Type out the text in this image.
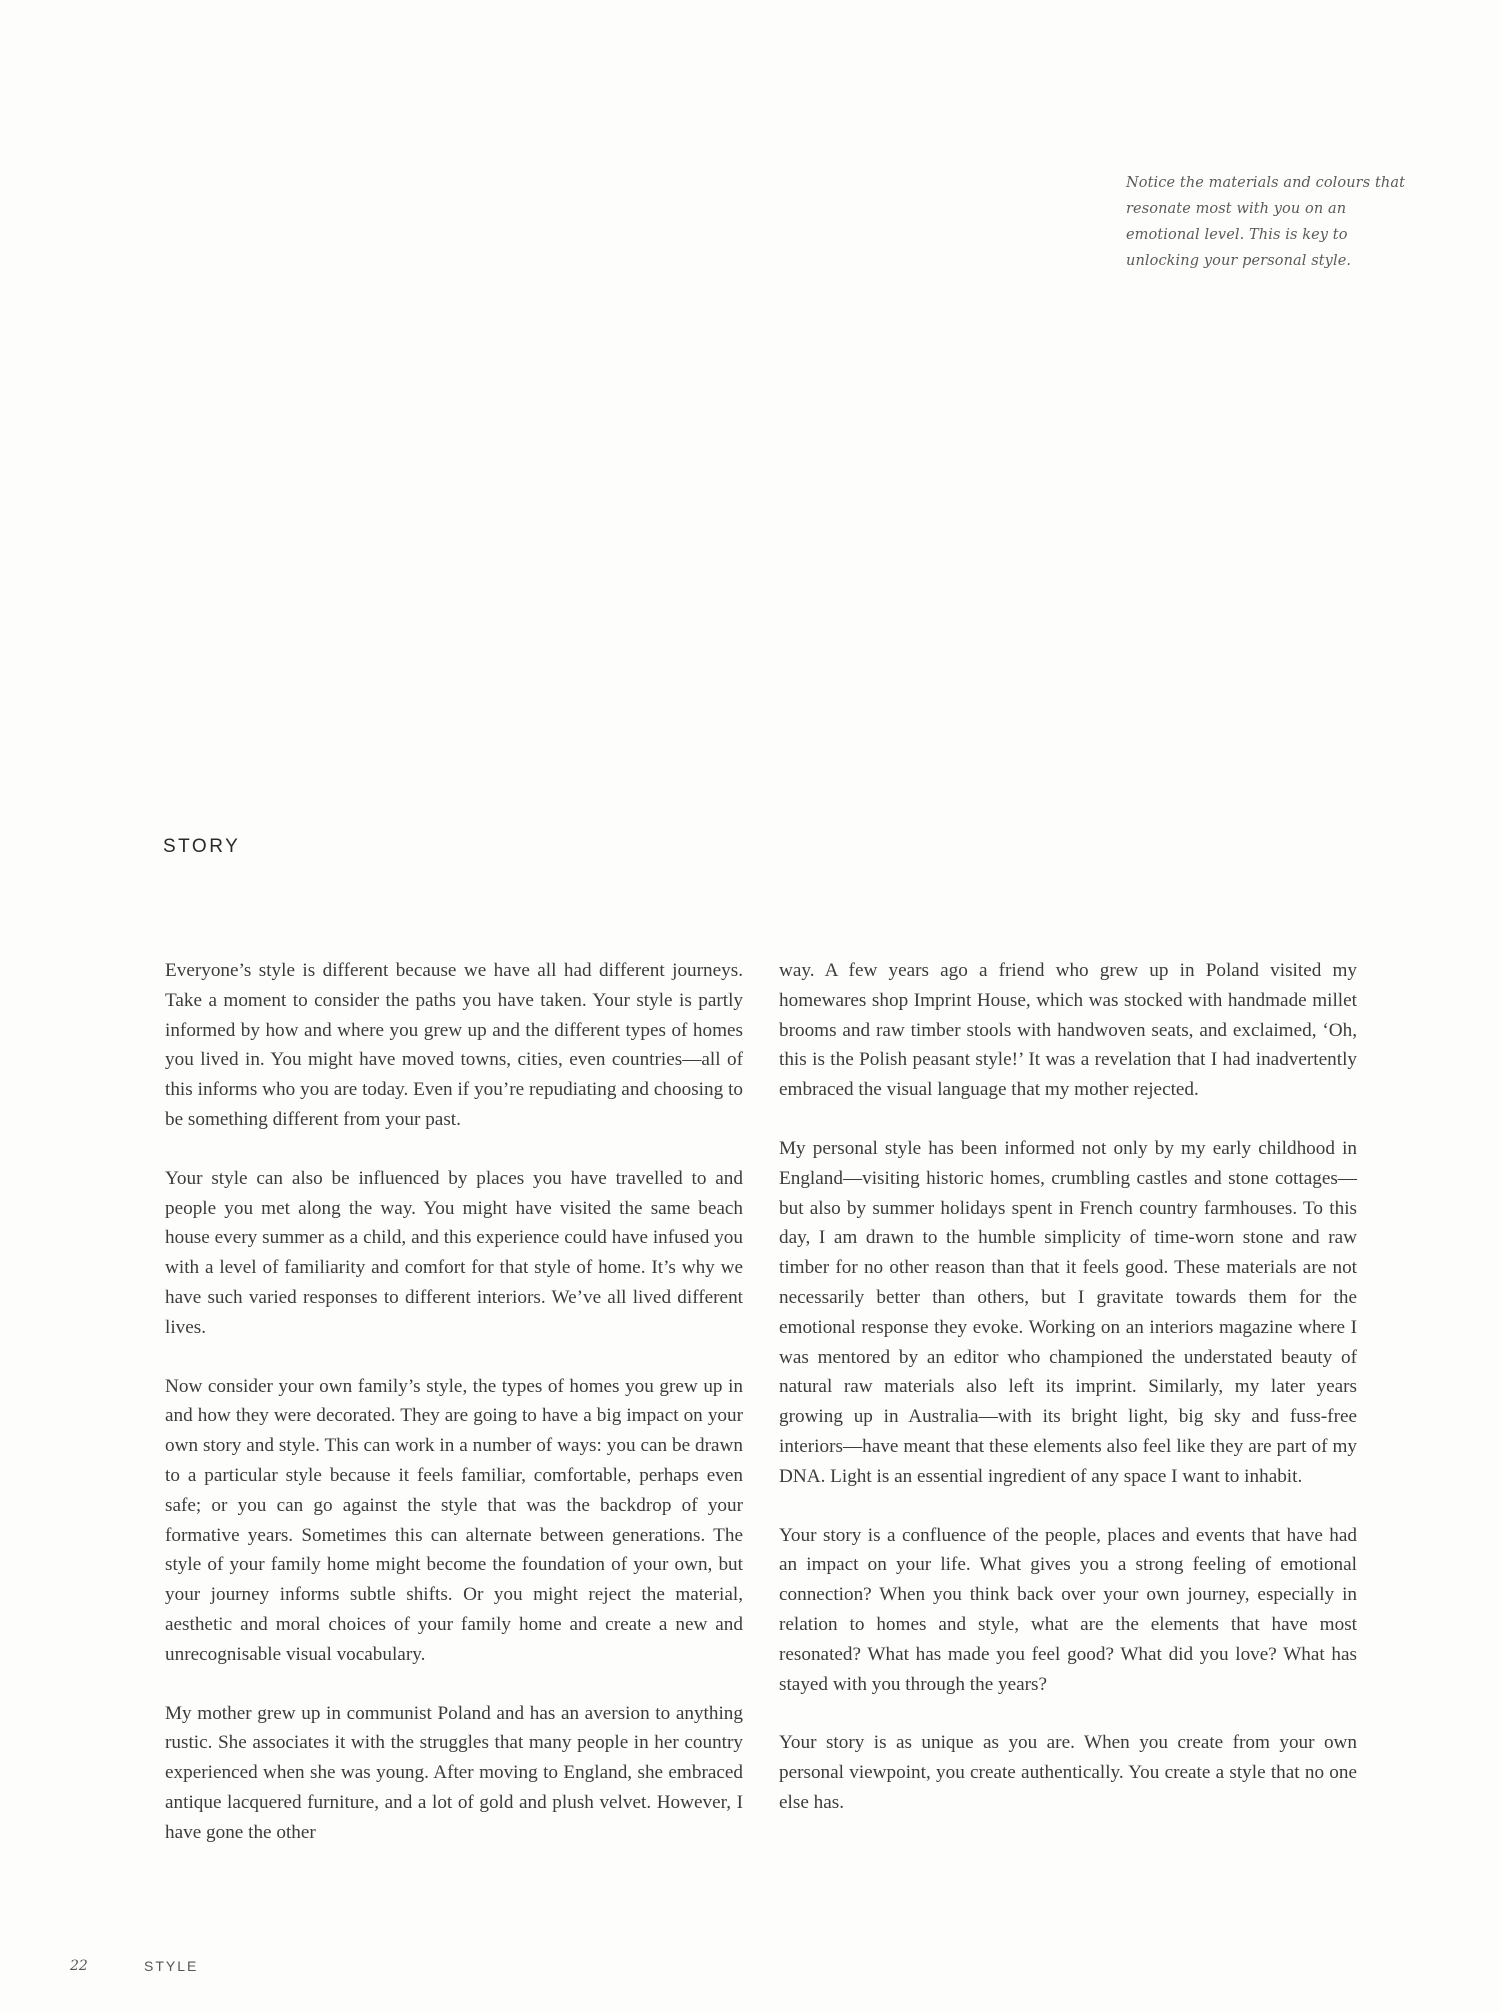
Notice the materials and colours that resonate most with you on an emotional level. This is key to unlocking your personal style.
STORY

Everyone’s style is different because we have all had different journeys. Take a moment to consider the paths you have taken. Your style is partly informed by how and where you grew up and the different types of homes you lived in. You might have moved towns, cities, even countries—all of this informs who you are today. Even if you’re repudiating and choosing to be something different from your past.

Your style can also be influenced by places you have travelled to and people you met along the way. You might have visited the same beach house every summer as a child, and this experience could have infused you with a level of familiarity and comfort for that style of home. It’s why we have such varied responses to different interiors. We’ve all lived different lives.

Now consider your own family’s style, the types of homes you grew up in and how they were decorated. They are going to have a big impact on your own story and style. This can work in a number of ways: you can be drawn to a particular style because it feels familiar, comfortable, perhaps even safe; or you can go against the style that was the backdrop of your formative years. Sometimes this can alternate between generations. The style of your family home might become the foundation of your own, but your journey informs subtle shifts. Or you might reject the material, aesthetic and moral choices of your family home and create a new and unrecognisable visual vocabulary.

My mother grew up in communist Poland and has an aversion to anything rustic. She associates it with the struggles that many people in her country experienced when she was young. After moving to England, she embraced antique lacquered furniture, and a lot of gold and plush velvet. However, I have gone the other

way. A few years ago a friend who grew up in Poland visited my homewares shop Imprint House, which was stocked with handmade millet brooms and raw timber stools with handwoven seats, and exclaimed, ‘Oh, this is the Polish peasant style!’ It was a revelation that I had inadvertently embraced the visual language that my mother rejected.

My personal style has been informed not only by my early childhood in England—visiting historic homes, crumbling castles and stone cottages—but also by summer holidays spent in French country farmhouses. To this day, I am drawn to the humble simplicity of time-worn stone and raw timber for no other reason than that it feels good. These materials are not necessarily better than others, but I gravitate towards them for the emotional response they evoke. Working on an interiors magazine where I was mentored by an editor who championed the understated beauty of natural raw materials also left its imprint. Similarly, my later years growing up in Australia—with its bright light, big sky and fuss-free interiors—have meant that these elements also feel like they are part of my DNA. Light is an essential ingredient of any space I want to inhabit.

Your story is a confluence of the people, places and events that have had an impact on your life. What gives you a strong feeling of emotional connection? When you think back over your own journey, especially in relation to homes and style, what are the elements that have most resonated? What has made you feel good? What did you love? What has stayed with you through the years?

Your story is as unique as you are. When you create from your own personal viewpoint, you create authentically. You create a style that no one else has.

22	STYLE
